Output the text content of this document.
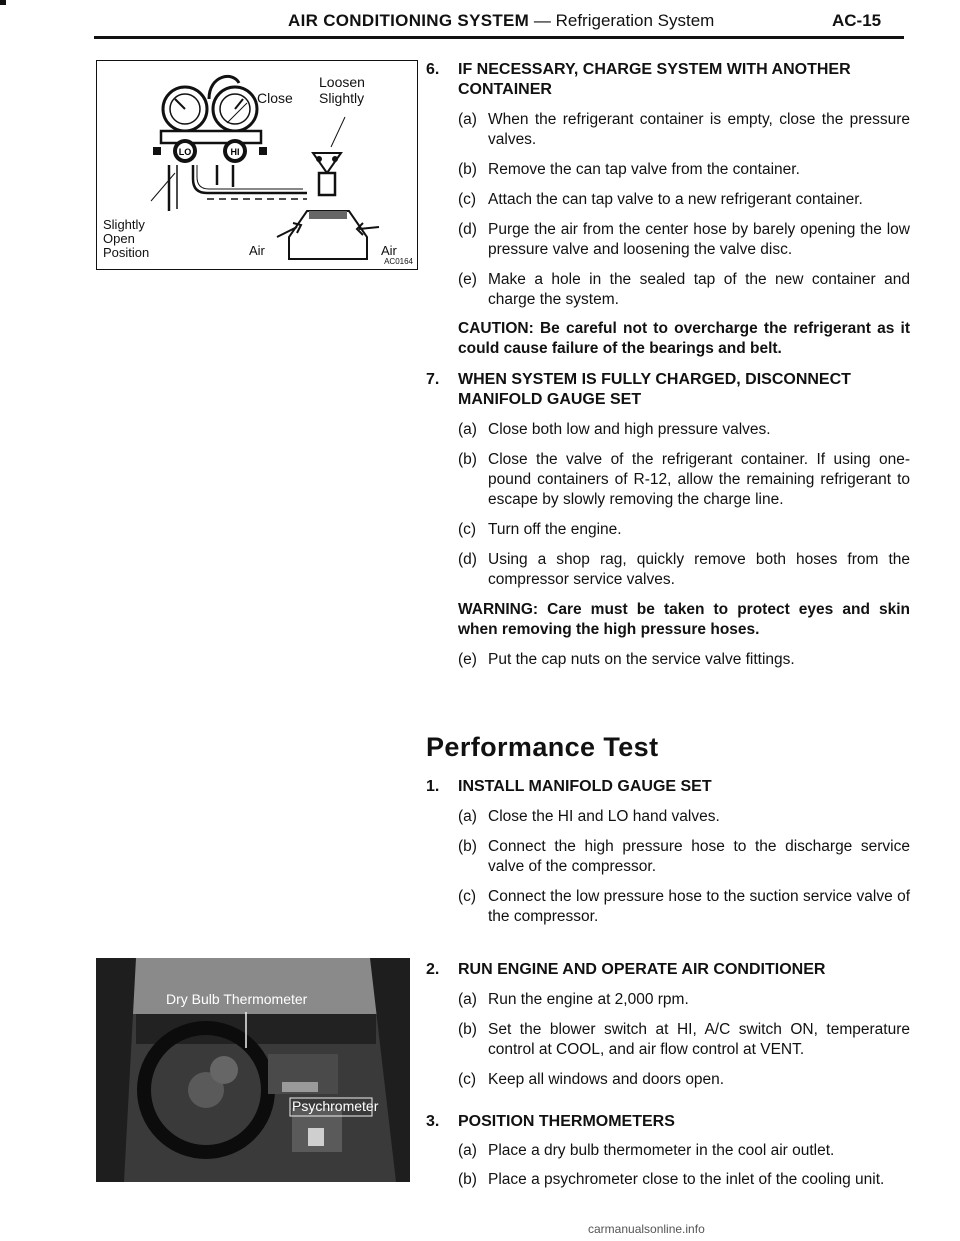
AIR CONDITIONING SYSTEM — Refrigeration System	AC-15
LO	HI
Close
Loosen
Slightly
Slightly
Open
Position	Air	Air
AC0164
Dry Bulb Thermometer
Psychrometer
6.	IF NECESSARY, CHARGE SYSTEM WITH ANOTHER CONTAINER
(a) When the refrigerant container is empty, close the pressure valves.
(b) Remove the can tap valve from the container.
(c) Attach the can tap valve to a new refrigerant container.
(d) Purge the air from the center hose by barely opening the low pressure valve and loosening the valve disc.
(e) Make a hole in the sealed tap of the new container and charge the system.
CAUTION: Be careful not to overcharge the refrigerant as it could cause failure of the bearings and belt.
7.	WHEN SYSTEM IS FULLY CHARGED, DISCONNECT MANIFOLD GAUGE SET
(a) Close both low and high pressure valves.
(b) Close the valve of the refrigerant container. If using one-pound containers of R-12, allow the remaining refrigerant to escape by slowly removing the charge line.
(c) Turn off the engine.
(d) Using a shop rag, quickly remove both hoses from the compressor service valves.
WARNING: Care must be taken to protect eyes and skin when removing the high pressure hoses.
(e) Put the cap nuts on the service valve fittings.
Performance Test
1.	INSTALL MANIFOLD GAUGE SET
(a) Close the HI and LO hand valves.
(b) Connect the high pressure hose to the discharge service valve of the compressor.
(c) Connect the low pressure hose to the suction service valve of the compressor.
2.	RUN ENGINE AND OPERATE AIR CONDITIONER
(a) Run the engine at 2,000 rpm.
(b) Set the blower switch at HI, A/C switch ON, temperature control at COOL, and air flow control at VENT.
(c) Keep all windows and doors open.
3.	POSITION THERMOMETERS
(a) Place a dry bulb thermometer in the cool air outlet.
(b) Place a psychrometer close to the inlet of the cooling unit.
carmanualsonline.info
